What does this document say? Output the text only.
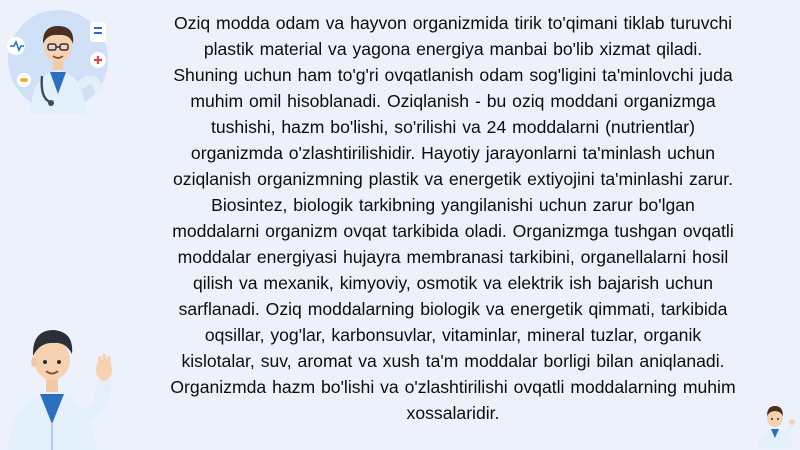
Oziq modda odam va hayvon organizmida tirik to'qimani tiklab turuvchi
plastik material va yagona energiya manbai bo'lib xizmat qiladi.
Shuning uchun ham to'g'ri ovqatlanish odam sog'ligini ta'minlovchi juda
muhim omil hisoblanadi. Oziqlanish - bu oziq moddani organizmga
tushishi, hazm bo'lishi, so'rilishi va 24 moddalarni (nutrientlar)
organizmda o'zlashtirilishidir. Hayotiy jarayonlarni ta'minlash uchun
oziqlanish organizmning plastik va energetik extiyojini ta'minlashi zarur.
Biosintez, biologik tarkibning yangilanishi uchun zarur bo'lgan
moddalarni organizm ovqat tarkibida oladi. Organizmga tushgan ovqatli
moddalar energiyasi hujayra membranasi tarkibini, organellalarni hosil
qilish va mexanik, kimyoviy, osmotik va elektrik ish bajarish uchun
sarflanadi. Oziq moddalarning biologik va energetik qimmati, tarkibida
oqsillar, yog'lar, karbonsuvlar, vitaminlar, mineral tuzlar, organik
kislotalar, suv, aromat va xush ta'm moddalar borligi bilan aniqlanadi.
Organizmda hazm bo'lishi va o'zlashtirilishi ovqatli moddalarning muhim
xossalaridir.
